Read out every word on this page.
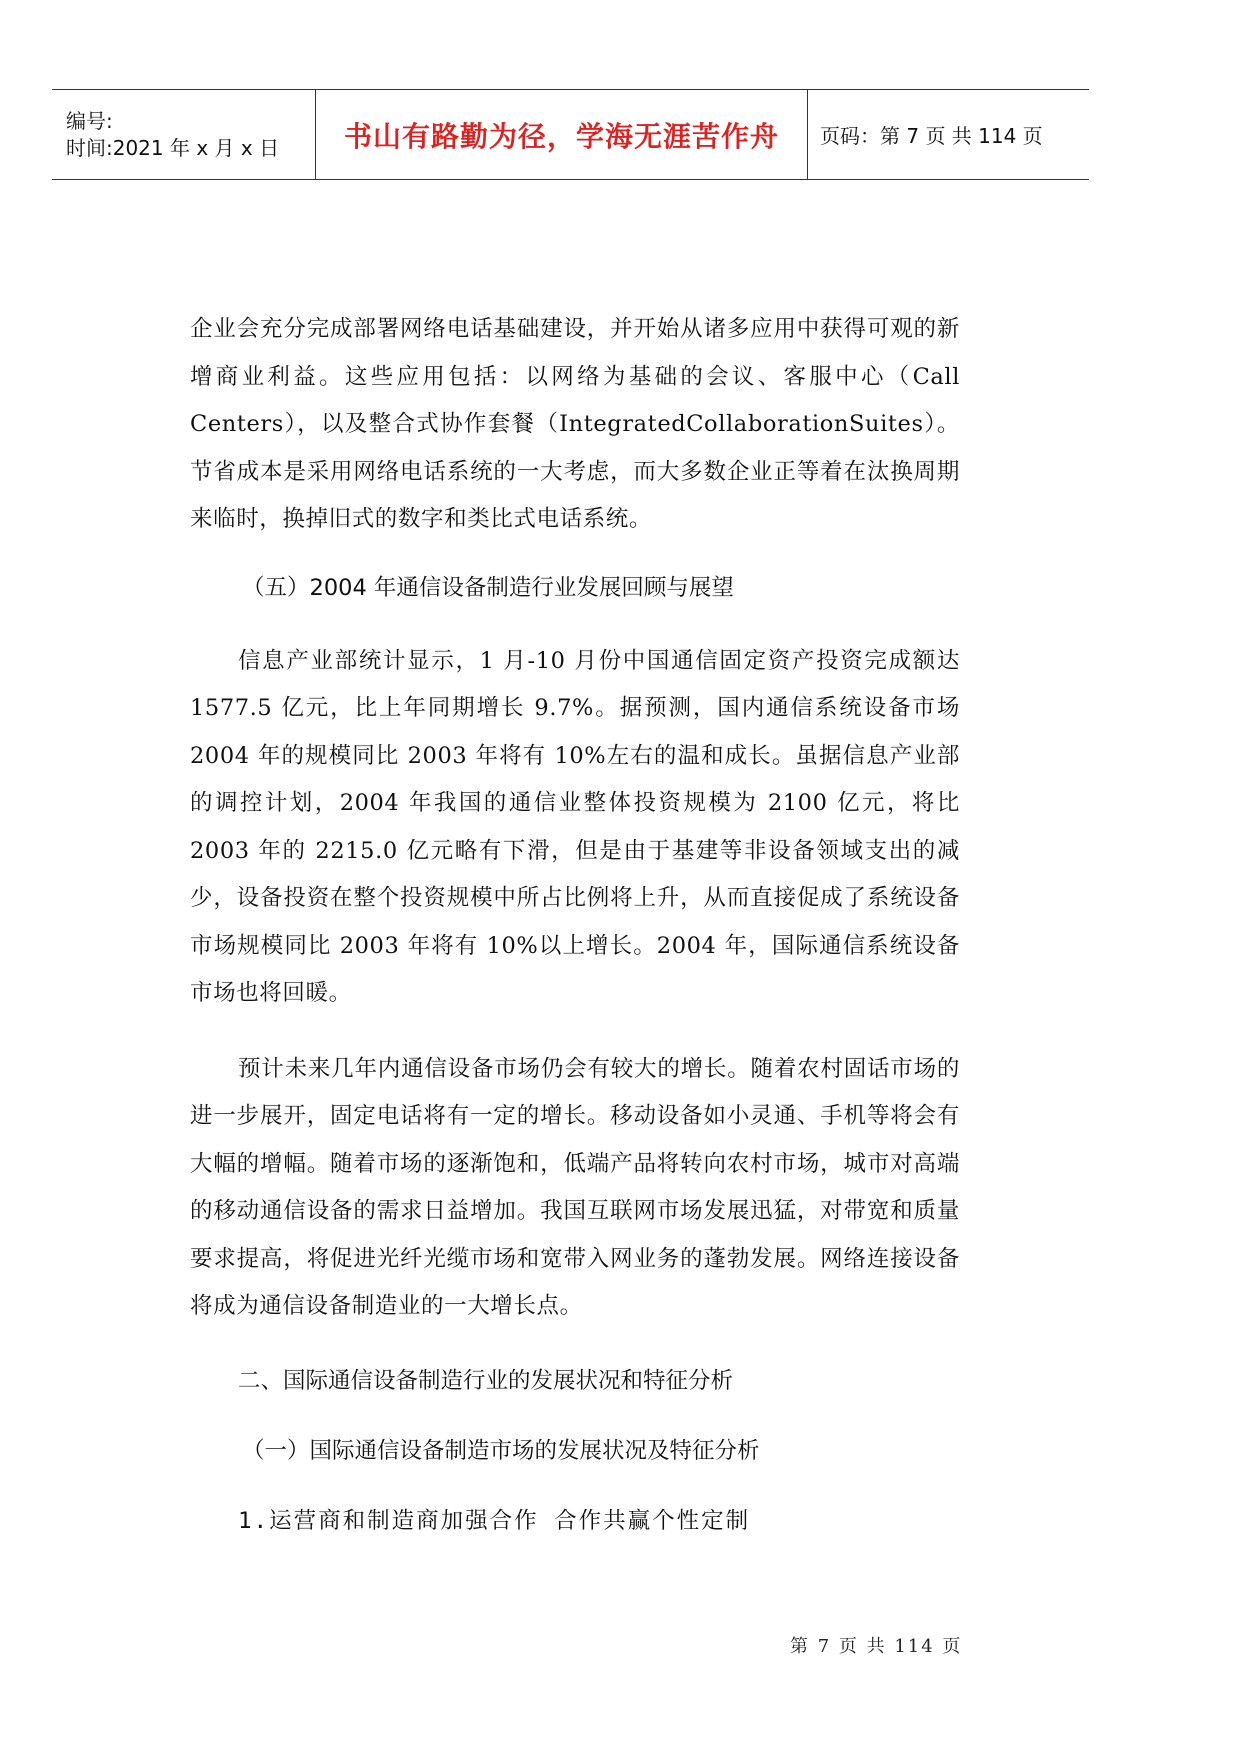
编号:
时间:2021 年 x 月 x 日	书山有路勤为径，学海无涯苦作舟 页码：第 7 页 共 114 页

企业会充分完成部署网络电话基础建设，并开始从诸多应用中获得可观的新增商业利益。这些应用包括：以网络为基础的会议、客服中心（Call Centers），以及整合式协作套餐（IntegratedCollaborationSuites）。节省成本是采用网络电话系统的一大考虑，而大多数企业正等着在汰换周期来临时，换掉旧式的数字和类比式电话系统。

（五）2004 年通信设备制造行业发展回顾与展望

信息产业部统计显示，1 月-10 月份中国通信固定资产投资完成额达 1577.5 亿元，比上年同期增长 9.7%。据预测，国内通信系统设备市场 2004 年的规模同比 2003 年将有 10%左右的温和成长。虽据信息产业部的调控计划，2004 年我国的通信业整体投资规模为 2100 亿元，将比 2003 年的 2215.0 亿元略有下滑，但是由于基建等非设备领域支出的减少，设备投资在整个投资规模中所占比例将上升，从而直接促成了系统设备市场规模同比 2003 年将有 10%以上增长。2004 年，国际通信系统设备市场也将回暖。

预计未来几年内通信设备市场仍会有较大的增长。随着农村固话市场的进一步展开，固定电话将有一定的增长。移动设备如小灵通、手机等将会有大幅的增幅。随着市场的逐渐饱和，低端产品将转向农村市场，城市对高端的移动通信设备的需求日益增加。我国互联网市场发展迅猛，对带宽和质量要求提高，将促进光纤光缆市场和宽带入网业务的蓬勃发展。网络连接设备将成为通信设备制造业的一大增长点。

二、国际通信设备制造行业的发展状况和特征分析

（一）国际通信设备制造市场的发展状况及特征分析

1.运营商和制造商加强合作 合作共赢个性定制

第 7 页 共 114 页
